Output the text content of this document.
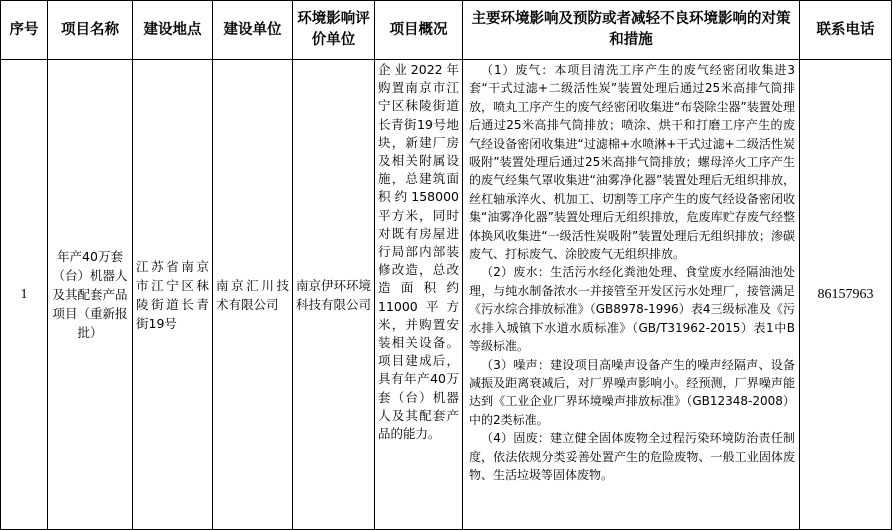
序号	项目名称	建设地点	建设单位	环境影响评价单位	项目概况	主要环境影响及预防或者减轻不良环境影响的对策和措施	联系电话
1	年产40万套（台）机器人及其配套产品项目（重新报批）	江苏省南京市江宁区秣陵街道长青街19号	南京汇川技术有限公司	南京伊环环境科技有限公司	企业2022年购置南京市江宁区秣陵街道长青街19号地块，新建厂房及相关附属设施，总建筑面积约158000平方米，同时对既有房屋进行局部内部装修改造，总改造面积约11000平方米，并购置安装相关设备。项目建成后，具有年产40万套（台）机器人及其配套产品的能力。	（1）废气：本项目清洗工序产生的废气经密闭收集进3套“干式过滤+二级活性炭”装置处理后通过25米高排气筒排放，喷丸工序产生的废气经密闭收集进“布袋除尘器”装置处理后通过25米高排气筒排放；喷涂、烘干和打磨工序产生的废气经设备密闭收集进“过滤棉+水喷淋+干式过滤+二级活性炭吸附”装置处理后通过25米高排气筒排放；螺母淬火工序产生的废气经集气罩收集进“油雾净化器”装置处理后无组织排放，丝杠轴承淬火、机加工、切割等工序产生的废气经设备密闭收集“油雾净化器”装置处理后无组织排放，危废库贮存废气经整体换风收集进“一级活性炭吸附”装置处理后无组织排放；渗碳废气、打标废气、涂胶废气无组织排放。

（2）废水：生活污水经化粪池处理、食堂废水经隔油池处理，与纯水制备浓水一并接管至开发区污水处理厂，接管满足《污水综合排放标准》（GB8978-1996）表4三级标准及《污水排入城镇下水道水质标准》（GB/T31962-2015）表1中B等级标准。

（3）噪声：建设项目高噪声设备产生的噪声经隔声、设备减振及距离衰减后，对厂界噪声影响小。经预测，厂界噪声能达到《工业企业厂界环境噪声排放标准》（GB12348-2008）中的2类标准。

（4）固废：建立健全固体废物全过程污染环境防治责任制度，依法依规分类妥善处置产生的危险废物、一般工业固体废物、生活垃圾等固体废物。	86157963
